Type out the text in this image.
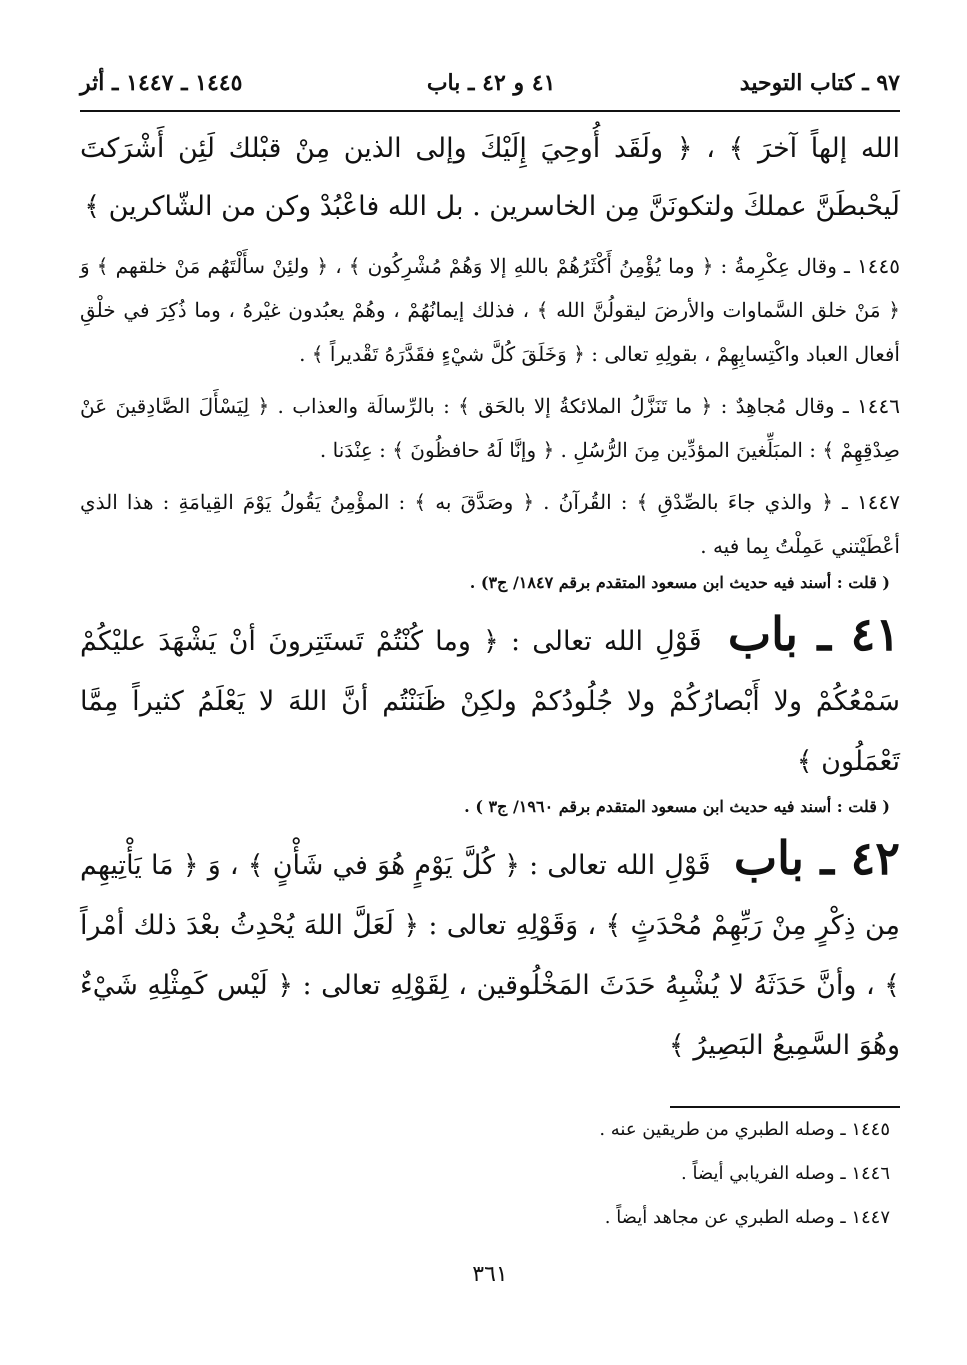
٩٧ ـ كتاب التوحيد
٤١ و ٤٢ ـ باب
١٤٤٥ ـ ١٤٤٧ ـ أثر
الله إلهاً آخرَ ﴾ ، ﴿ ولَقَد أُوحِيَ إِلَيْكَ وإلى الذين مِنْ قبْلك لَئِن أَشْرَكتَ لَيحْبطَنَّ عملكَ ولتكونَنَّ مِن الخاسرين . بل الله فاعْبُدْ وكن من الشّاكرين ﴾
١٤٤٥ ـ وقال عِكْرِمةُ : ﴿ وما يُؤْمِنُ أَكْثَرُهُمْ باللهِ إلا وَهُمْ مُشْرِكُون ﴾ ، ﴿ ولئِنْ سأَلْتَهُم مَنْ خلقهم ﴾ وَ ﴿ مَنْ خلق السَّماوات والأرضَ ليقولُنَّ الله ﴾ ، فذلك إيمانُهُمْ ، وهُمْ يعبُدون غيْرهُ ، وما ذُكِرَ في خلْقِ أفعال العباد واكْتِسابِهِمْ ، بقولِهِ تعالى : ﴿ وَخَلَقَ كُلَّ شيْءٍ فقَدَّرَهُ تَقْديراً ﴾ .
١٤٤٦ ـ وقال مُجاهِدٌ : ﴿ ما تَنَزَّلُ الملائكةُ إلا بالحَق ﴾ : بالرِّسالَة والعذاب . ﴿ لِيَسْأَلَ الصَّادِقينَ عَنْ صِدْقِهِمْ ﴾ : المبَلِّغينَ المؤدِّين مِنَ الرُّسُلِ . ﴿ وإنَّا لَهُ حافظُونَ ﴾ : عِنْدَنا .
١٤٤٧ ـ ﴿ والذي جاءَ بالصِّدْقِ ﴾ : القُرآنُ . ﴿ وصَدَّقَ به ﴾ : المؤْمِنُ يَقُولُ يَوْمَ القِيامَةِ : هذا الذي أعْطَيْتني عَمِلْتُ بِما فيه .
( قلت : أسند فيه حديث ابن مسعود المتقدم برقم ١٨٤٧/ ج٣) .
٤١ ـ باب قَوْلِ الله تعالى : ﴿ وما كُنْتُمْ تَستَتِرونَ أنْ يَشْهَدَ عليْكُمْ سَمْعُكُمْ ولا أَبْصارُكُمْ ولا جُلُودُكمْ ولكِنْ ظَنَنْتُم أنَّ اللهَ لا يَعْلَمُ كثيراً مِمَّا تَعْمَلُون ﴾
( قلت : أسند فيه حديث ابن مسعود المتقدم برقم ١٩٦٠/ ج٣ ) .
٤٢ ـ باب قَوْلِ الله تعالى : ﴿ كُلَّ يَوْمٍ هُوَ في شَأْنٍ ﴾ ، وَ ﴿ مَا يَأْتِيهِم مِن ذِكْرٍ مِنْ رَبِّهِمْ مُحْدَثٍ ﴾ ، وَقَوْلِهِ تعالى : ﴿ لَعَلَّ اللهَ يُحْدِثُ بعْدَ ذلك أمْراً ﴾ ، وأنَّ حَدَثَهُ لا يُشْبِهُ حَدَثَ المَخْلُوقين ، لِقَوْلِهِ تعالى : ﴿ لَيْس كَمِثْلِهِ شَيْءٌ وهُوَ السَّمِيعُ البَصِيرُ ﴾
١٤٤٥ ـ وصله الطبري من طريقين عنه .
١٤٤٦ ـ وصله الفريابي أيضاً .
١٤٤٧ ـ وصله الطبري عن مجاهد أيضاً .
٣٦١
